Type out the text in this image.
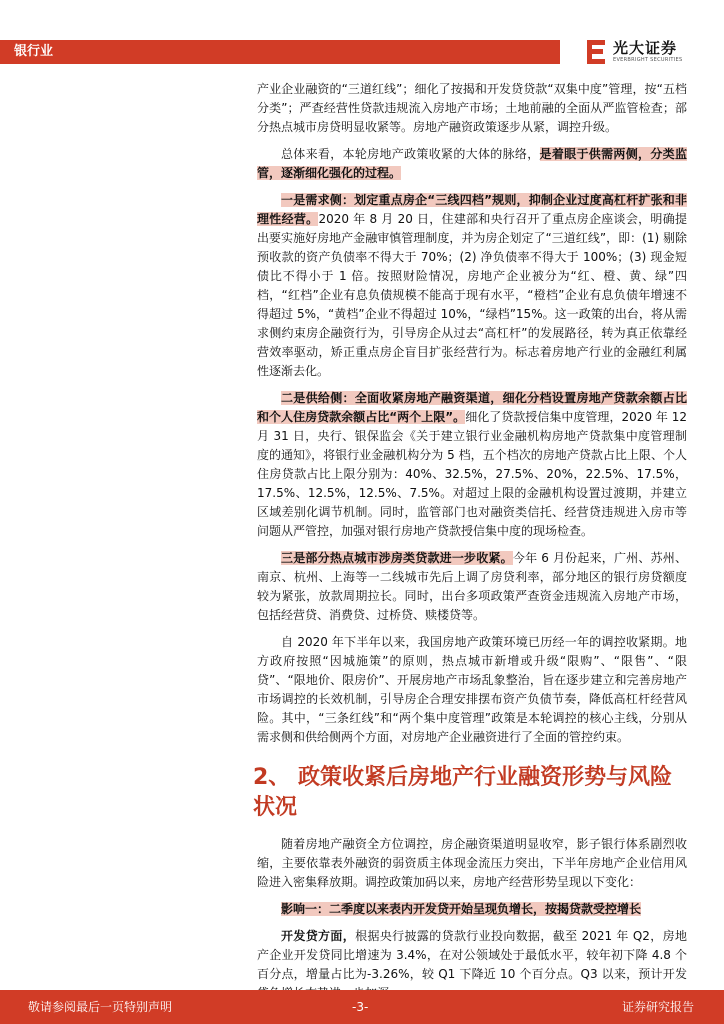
银行业	光大证券
EVERBRIGHT SECURITIES

产业企业融资的“三道红线”；细化了按揭和开发贷贷款“双集中度”管理，按“五档分类”；严查经营性贷款违规流入房地产市场；土地前融的全面从严监管检查；部分热点城市房贷明显收紧等。房地产融资政策逐步从紧，调控升级。

总体来看，本轮房地产政策收紧的大体的脉络，是着眼于供需两侧，分类监管，逐渐细化强化的过程。

一是需求侧：划定重点房企“三线四档”规则，抑制企业过度高杠杆扩张和非理性经营。2020 年 8 月 20 日，住建部和央行召开了重点房企座谈会，明确提出要实施好房地产金融审慎管理制度，并为房企划定了“三道红线”，即：(1) 剔除预收款的资产负债率不得大于 70%；(2) 净负债率不得大于 100%；(3) 现金短债比不得小于 1 倍。按照财险情况，房地产企业被分为“红、橙、黄、绿”四档，“红档”企业有息负债规模不能高于现有水平，“橙档”企业有息负债年增速不得超过 5%，“黄档”企业不得超过 10%，“绿档”15%。这一政策的出台，将从需求侧约束房企融资行为，引导房企从过去“高杠杆”的发展路径，转为真正依靠经营效率驱动，矫正重点房企盲目扩张经营行为。标志着房地产行业的金融红利属性逐渐去化。

二是供给侧：全面收紧房地产融资渠道，细化分档设置房地产贷款余额占比和个人住房贷款余额占比“两个上限”。细化了贷款授信集中度管理，2020 年 12 月 31 日，央行、银保监会《关于建立银行业金融机构房地产贷款集中度管理制度的通知》，将银行业金融机构分为 5 档，五个档次的房地产贷款占比上限、个人住房贷款占比上限分别为：40%、32.5%，27.5%、20%，22.5%、17.5%，17.5%、12.5%，12.5%、7.5%。对超过上限的金融机构设置过渡期，并建立区域差别化调节机制。同时，监管部门也对融资类信托、经营贷违规进入房市等问题从严管控，加强对银行房地产贷款授信集中度的现场检查。

三是部分热点城市涉房类贷款进一步收紧。今年 6 月份起来，广州、苏州、南京、杭州、上海等一二线城市先后上调了房贷利率，部分地区的银行房贷额度较为紧张，放款周期拉长。同时，出台多项政策严查资金违规流入房地产市场，包括经营贷、消费贷、过桥贷、赎楼贷等。

自 2020 年下半年以来，我国房地产政策环境已历经一年的调控收紧期。地方政府按照“因城施策”的原则，热点城市新增或升级“限购”、“限售”、“限贷”、“限地价、限房价”、开展房地产市场乱象整治，旨在逐步建立和完善房地产市场调控的长效机制，引导房企合理安排摆布资产负债节奏，降低高杠杆经营风险。其中，“三条红线”和“两个集中度管理”政策是本轮调控的核心主线，分别从需求侧和供给侧两个方面，对房地产企业融资进行了全面的管控约束。

2、 政策收紧后房地产行业融资形势与风险
状况

随着房地产融资全方位调控，房企融资渠道明显收窄，影子银行体系剧烈收缩，主要依靠表外融资的弱资质主体现金流压力突出，下半年房地产企业信用风险进入密集释放期。调控政策加码以来，房地产经营形势呈现以下变化：

影响一：二季度以来表内开发贷开始呈现负增长，按揭贷款受控增长

开发贷方面，根据央行披露的贷款行业投向数据，截至 2021 年 Q2，房地产企业开发贷同比增速为 3.4%，在对公领域处于最低水平，较年初下降 4.8 个百分点，增量占比为-3.26%，较 Q1 下降近 10 个百分点。Q3 以来，预计开发

敬请参阅最后一页特别声明	-3-	证券研究报告
